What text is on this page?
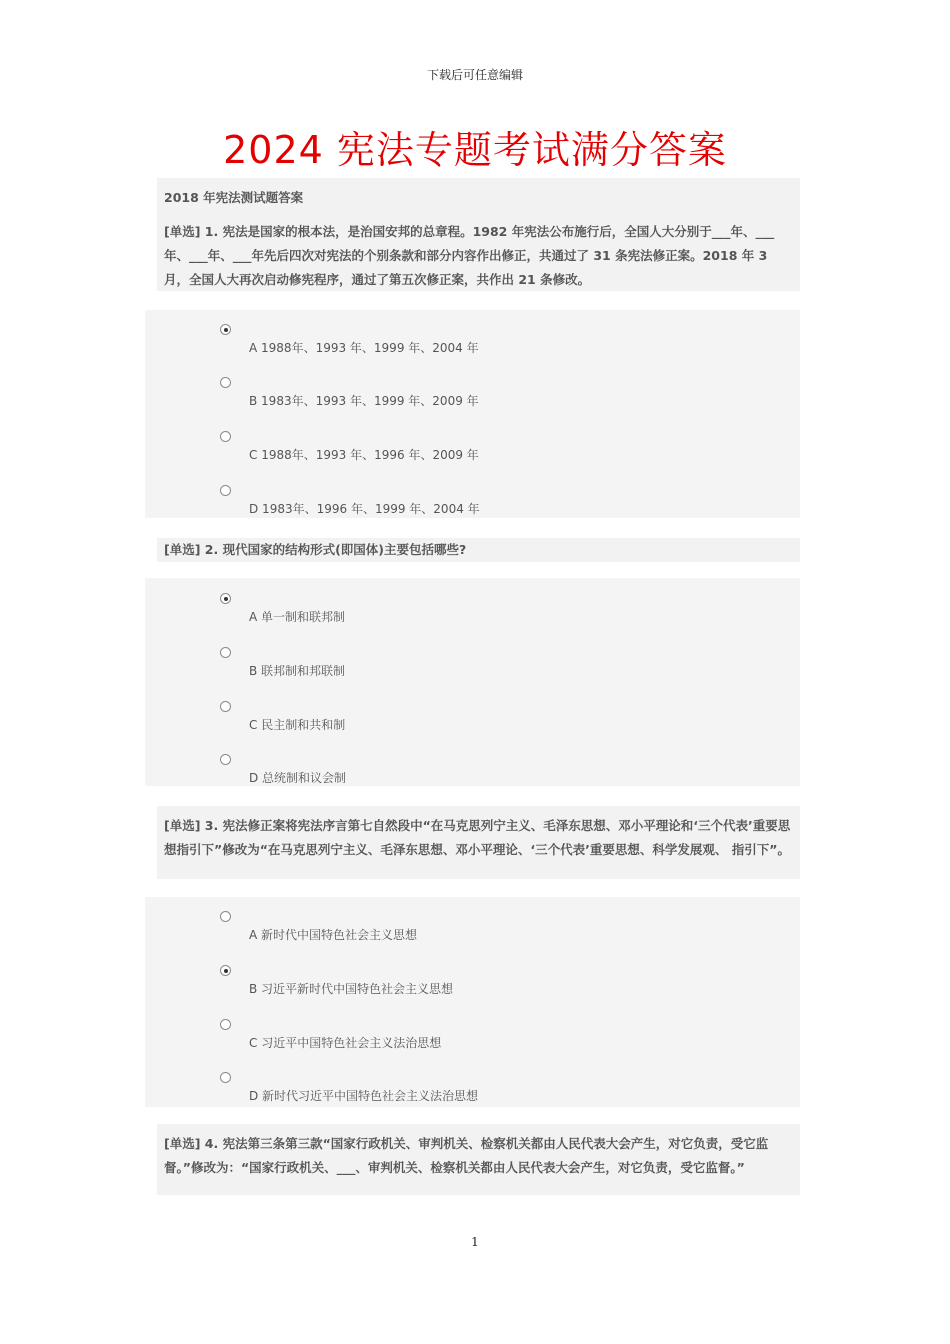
下载后可任意编辑
2024 宪法专题考试满分答案
2018 年宪法测试题答案
[单选] 1. 宪法是国家的根本法，是治国安邦的总章程。1982 年宪法公布施行后，全国人大分别于___年、___ 年、___年、___年先后四次对宪法的个别条款和部分内容作出修正，共通过了 31 条宪法修正案。2018 年 3 月，全国人大再次启动修宪程序，通过了第五次修正案，共作出 21 条修改。
A 1988年、1993 年、1999 年、2004 年
B 1983年、1993 年、1999 年、2009 年
C 1988年、1993 年、1996 年、2009 年
D 1983年、1996 年、1999 年、2004 年
[单选] 2. 现代国家的结构形式(即国体)主要包括哪些?
A 单一制和联邦制
B 联邦制和邦联制
C 民主制和共和制
D 总统制和议会制
[单选] 3. 宪法修正案将宪法序言第七自然段中“在马克思列宁主义、毛泽东思想、邓小平理论和‘三个代表’重要思想指引下”修改为“在马克思列宁主义、毛泽东思想、邓小平理论、‘三个代表’重要思想、科学发展观、 指引下”。
A 新时代中国特色社会主义思想
B 习近平新时代中国特色社会主义思想
C 习近平中国特色社会主义法治思想
D 新时代习近平中国特色社会主义法治思想
[单选] 4. 宪法第三条第三款“国家行政机关、审判机关、检察机关都由人民代表大会产生，对它负责，受它监督。”修改为：“国家行政机关、___、审判机关、检察机关都由人民代表大会产生，对它负责，受它监督。”
1
